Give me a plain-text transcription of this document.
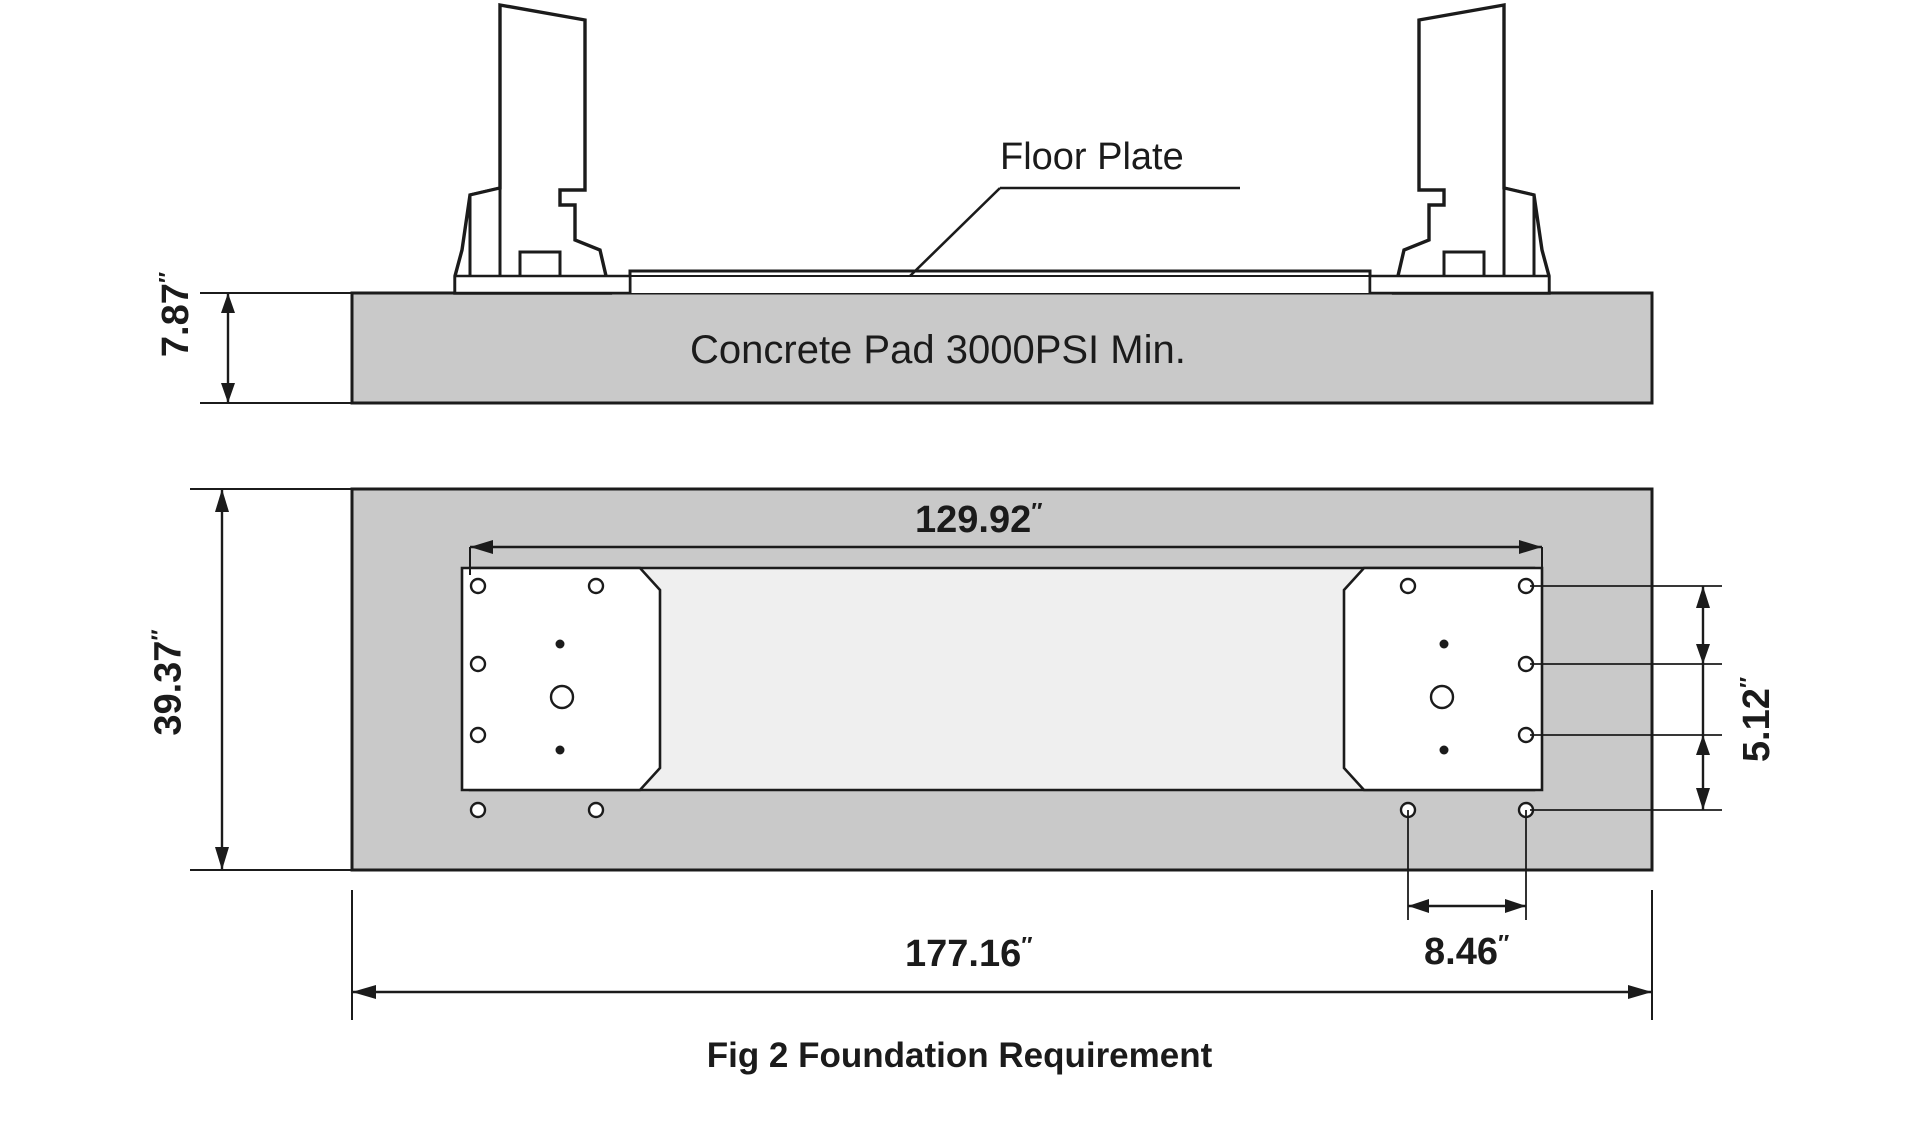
Floor Plate
Concrete Pad 3000PSI Min.
7.87″
39.37″
129.92″
5.12″
177.16″	8.46″
Fig 2 Foundation Requirement
